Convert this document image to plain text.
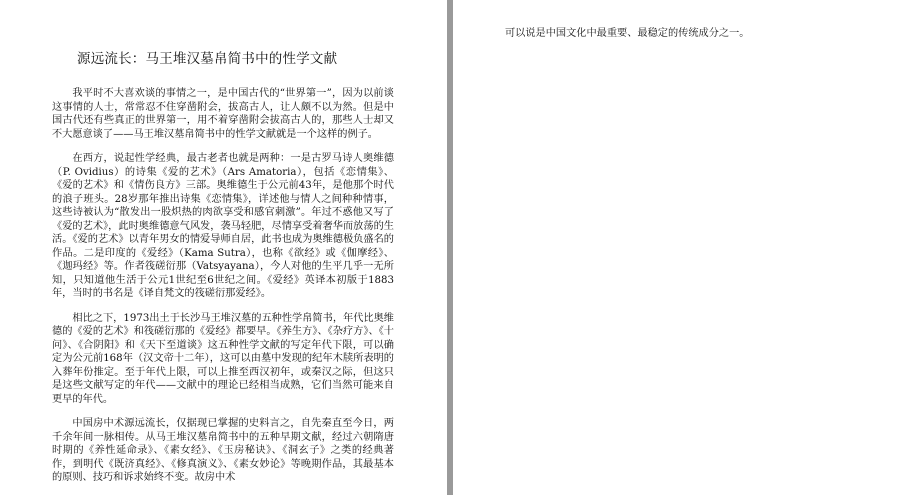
源远流长：马王堆汉墓帛简书中的性学文献

我平时不大喜欢谈的事情之一，是中国古代的“世界第一”，因为以前谈这事情的人士，常常忍不住穿凿附会，拔高古人，让人颇不以为然。但是中国古代还有些真正的世界第一，用不着穿凿附会拔高古人的，那些人士却又不大愿意谈了——马王堆汉墓帛简书中的性学文献就是一个这样的例子。

在西方，说起性学经典，最古老者也就是两种：一是古罗马诗人奥维德（P. Ovidius）的诗集《爱的艺术》（Ars Amatoria），包括《恋情集》、《爱的艺术》和《情伤良方》三部。奥维德生于公元前43年，是他那个时代的浪子班头。28岁那年推出诗集《恋情集》，详述他与情人之间种种情事，这些诗被认为“散发出一股炽热的肉欲享受和感官刺激”。年过不惑他又写了《爱的艺术》，此时奥维德意气风发，袭马轻肥，尽情享受着奢华而放荡的生活。《爱的艺术》以青年男女的情爱导师自居，此书也成为奥维德极负盛名的作品。二是印度的《爱经》（Kama Sutra），也称《欲经》或《伽摩经》、《迦玛经》等。作者筏磋衍那（Vatsyayana），今人对他的生平几乎一无所知，只知道他生活于公元1世纪至6世纪之间。《爱经》英译本初版于1883年，当时的书名是《译自梵文的筏磋衍那爱经》。

相比之下，1973出土于长沙马王堆汉墓的五种性学帛简书，年代比奥维德的《爱的艺术》和筏磋衍那的《爱经》都要早。《养生方》、《杂疗方》、《十问》、《合阴阳》和《天下至道谈》这五种性学文献的写定年代下限，可以确定为公元前168年（汉文帝十二年），这可以由墓中发现的纪年木牍所表明的入葬年份推定。至于年代上限，可以上推至西汉初年，或秦汉之际，但这只是这些文献写定的年代——文献中的理论已经相当成熟，它们当然可能来自更早的年代。

中国房中术源远流长，仅据现已掌握的史料言之，自先秦直至今日，两千余年间一脉相传。从马王堆汉墓帛简书中的五种早期文献，经过六朝隋唐时期的《养性延命录》、《素女经》、《玉房秘诀》、《洞玄子》之类的经典著作，到明代《既济真经》、《修真演义》、《素女妙论》等晚期作品，其最基本的原则、技巧和诉求始终不变。故房中术

可以说是中国文化中最重要、最稳定的传统成分之一。
